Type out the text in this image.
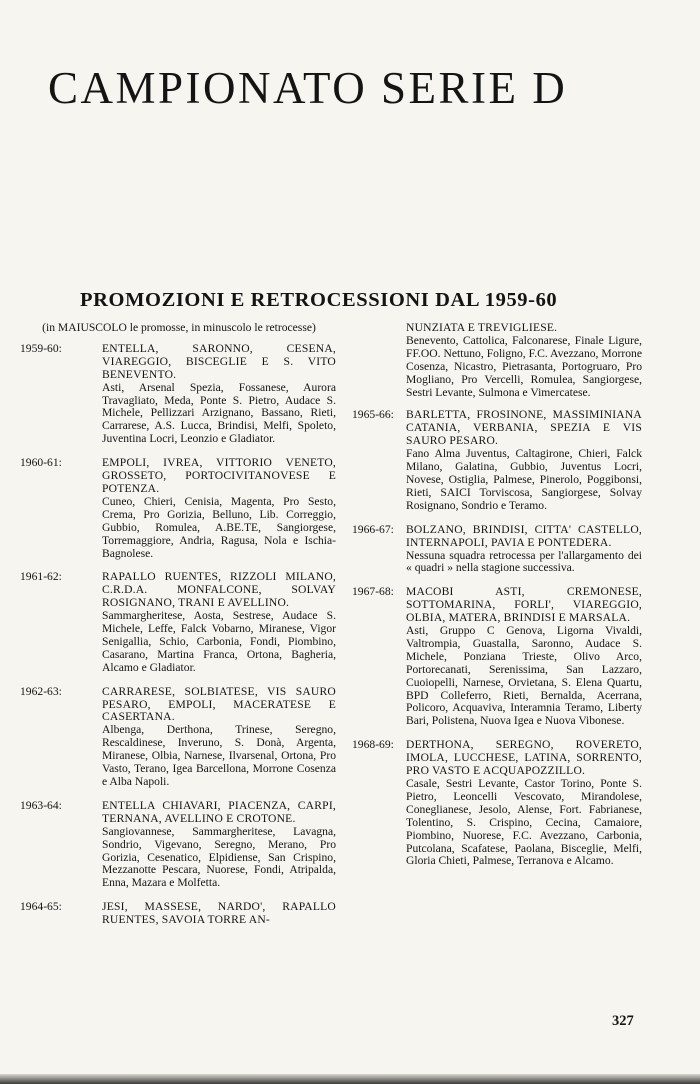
CAMPIONATO SERIE D
PROMOZIONI E RETROCESSIONI DAL 1959-60
(in MAIUSCOLO le promosse, in minuscolo le retrocesse)
1959-60:	ENTELLA, SARONNO, CESENA, VIAREGGIO, BISCEGLIE E S. VITO BENEVENTO.
Asti, Arsenal Spezia, Fossanese, Aurora Travagliato, Meda, Ponte S. Pietro, Audace S. Michele, Pellizzari Arzignano, Bassano, Rieti, Carrarese, A.S. Lucca, Brindisi, Melfi, Spoleto, Juventina Locri, Leonzio e Gladiator.
1960-61:	EMPOLI, IVREA, VITTORIO VENETO, GROSSETO, PORTOCIVITANOVESE E POTENZA.
Cuneo, Chieri, Cenisia, Magenta, Pro Sesto, Crema, Pro Gorizia, Belluno, Lib. Correggio, Gubbio, Romulea, A.BE.TE, Sangiorgese, Torremaggiore, Andria, Ragusa, Nola e Ischia-Bagnolese.
1961-62:	RAPALLO RUENTES, RIZZOLI MILANO, C.R.D.A. MONFALCONE, SOLVAY ROSIGNANO, TRANI E AVELLINO.
Sammargheritese, Aosta, Sestrese, Audace S. Michele, Leffe, Falck Vobarno, Miranese, Vigor Senigallia, Schio, Carbonia, Fondi, Piombino, Casarano, Martina Franca, Ortona, Bagheria, Alcamo e Gladiator.
1962-63:	CARRARESE, SOLBIATESE, VIS SAURO PESARO, EMPOLI, MACERATESE E CASERTANA.
Albenga, Derthona, Trinese, Seregno, Rescaldinese, Inveruno, S. Donà, Argenta, Miranese, Olbia, Narnese, Ilvarsenal, Ortona, Pro Vasto, Terano, Igea Barcellona, Morrone Cosenza e Alba Napoli.
1963-64:	ENTELLA CHIAVARI, PIACENZA, CARPI, TERNANA, AVELLINO E CROTONE.
Sangiovannese, Sammargheritese, Lavagna, Sondrio, Vigevano, Seregno, Merano, Pro Gorizia, Cesenatico, Elpidiense, San Crispino, Mezzanotte Pescara, Nuorese, Fondi, Atripalda, Enna, Mazara e Molfetta.
1964-65:	JESI, MASSESE, NARDO', RAPALLO RUENTES, SAVOIA TORRE AN-
NUNZIATA E TREVIGLIESE.
Benevento, Cattolica, Falconarese, Finale Ligure, FF.OO. Nettuno, Foligno, F.C. Avezzano, Morrone Cosenza, Nicastro, Pietrasanta, Portogruaro, Pro Mogliano, Pro Vercelli, Romulea, Sangiorgese, Sestri Levante, Sulmona e Vimercatese.
1965-66: BARLETTA, FROSINONE, MASSIMINIANA CATANIA, VERBANIA, SPEZIA E VIS SAURO PESARO.
Fano Alma Juventus, Caltagirone, Chieri, Falck Milano, Galatina, Gubbio, Juventus Locri, Novese, Ostiglia, Palmese, Pinerolo, Poggibonsi, Rieti, SAICI Torviscosa, Sangiorgese, Solvay Rosignano, Sondrio e Teramo.
1966-67: BOLZANO, BRINDISI, CITTA' CASTELLO, INTERNAPOLI, PAVIA E PONTEDERA.
Nessuna squadra retrocessa per l'allargamento dei « quadri » nella stagione successiva.
1967-68: MACOBI ASTI, CREMONESE, SOTTOMARINA, FORLI', VIAREGGIO, OLBIA, MATERA, BRINDISI E MARSALA.
Asti, Gruppo C Genova, Ligorna Vivaldi, Valtrompia, Guastalla, Saronno, Audace S. Michele, Ponziana Trieste, Olivo Arco, Portorecanati, Serenissima, San Lazzaro, Cuoiopelli, Narnese, Orvietana, S. Elena Quartu, BPD Colleferro, Rieti, Bernalda, Acerrana, Policoro, Acquaviva, Interamnia Teramo, Liberty Bari, Polistena, Nuova Igea e Nuova Vibonese.
1968-69: DERTHONA, SEREGNO, ROVERETO, IMOLA, LUCCHESE, LATINA, SORRENTO, PRO VASTO E ACQUAPOZZILLO.
Casale, Sestri Levante, Castor Torino, Ponte S. Pietro, Leoncelli Vescovato, Mirandolese, Coneglianese, Jesolo, Alense, Fort. Fabrianese, Tolentino, S. Crispino, Cecina, Camaiore, Piombino, Nuorese, F.C. Avezzano, Carbonia, Putcolana, Scafatese, Paolana, Bisceglie, Melfi, Gloria Chieti, Palmese, Terranova e Alcamo.

327
